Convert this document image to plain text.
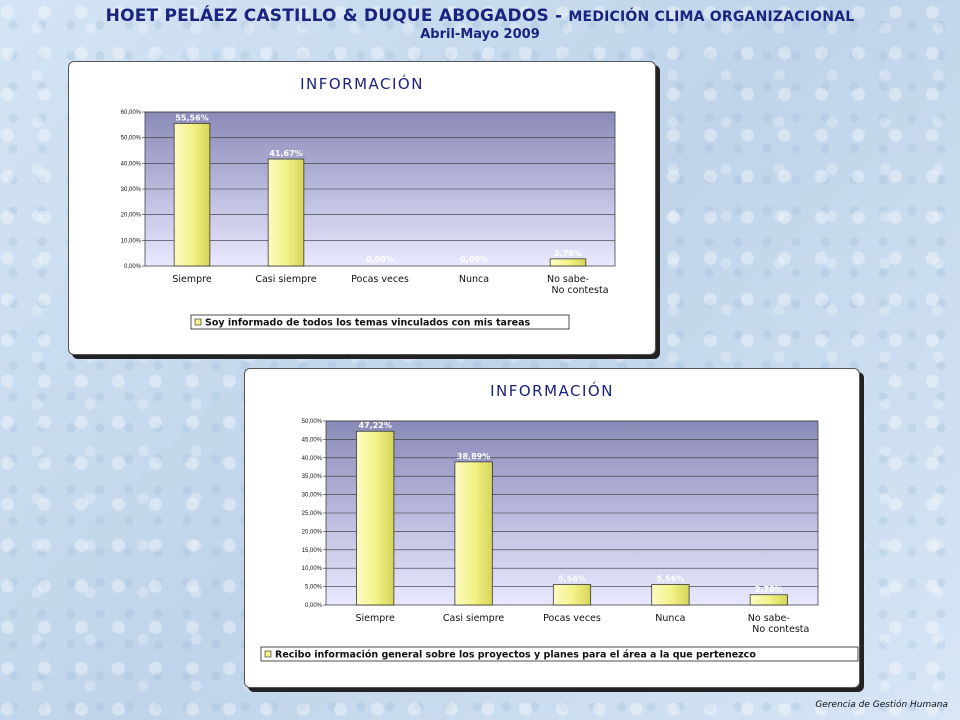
HOET PELÁEZ CASTILLO & DUQUE ABOGADOS - MEDICIÓN CLIMA ORGANIZACIONAL
Abril-Mayo 2009
INFORMACIÓN
0,00%
10,00%
20,00%
30,00%
40,00%
50,00%
60,00%
55,56%
Siempre
41,67%
Casi siempre
0,00%
Pocas veces
0,00%
Nunca
2,78%
No sabe-No contesta
Soy informado de todos los temas vinculados con mis tareas
INFORMACIÓN
0,00%
5,00%
10,00%
15,00%
20,00%
25,00%
30,00%
35,00%
40,00%
45,00%
50,00%	47,22%
Siempre
38,89%
Casi siempre
5,56%
Pocas veces
5,56%
Nunca
2,78%
No sabe-No contesta
Recibo información general sobre los proyectos y planes para el área a la que pertenezco
Gerencia de Gestión Humana
